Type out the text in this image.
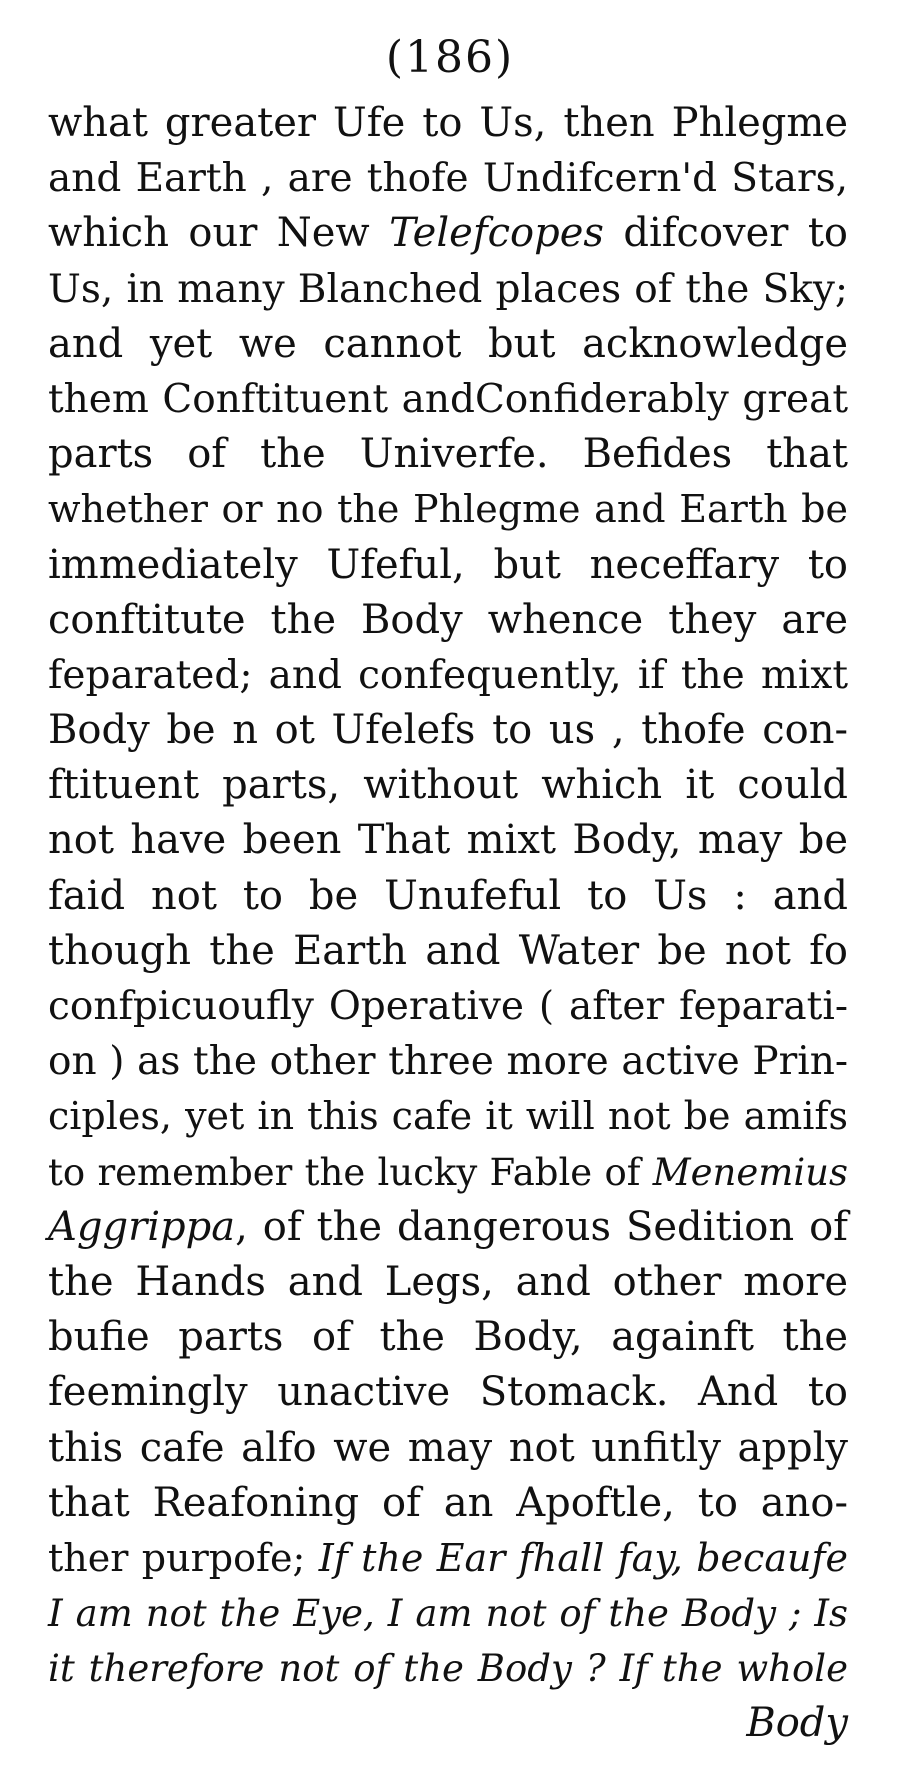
(186)
what greater Ufe to Us, then Phlegme
and Earth , are thofe Undifcern'd Stars,
which our New Telefcopes difcover to
Us, in many Blanched places of the Sky;
and yet we cannot but acknowledge
them Conftituent andConfiderably great
parts of the Univerfe. Befides that
whether or no the Phlegme and Earth be
immediately Ufeful, but neceffary to
conftitute the Body whence they are
feparated; and confequently, if the mixt
Body be n ot Ufelefs to us , thofe con-
ftituent parts, without which it could
not have been That mixt Body, may be
faid not to be Unufeful to Us : and
though the Earth and Water be not fo
confpicuoufly Operative ( after feparati-
on ) as the other three more active Prin-
ciples, yet in this cafe it will not be amifs
to remember the lucky Fable of Menemius
Aggrippa, of the dangerous Sedition of
the Hands and Legs, and other more
bufie parts of the Body, againft the
feemingly unactive Stomack. And to
this cafe alfo we may not unfitly apply
that Reafoning of an Apoftle, to ano-
ther purpofe; If the Ear fhall fay, becaufe
I am not the Eye, I am not of the Body ; Is
it therefore not of the Body ? If the whole
Body
